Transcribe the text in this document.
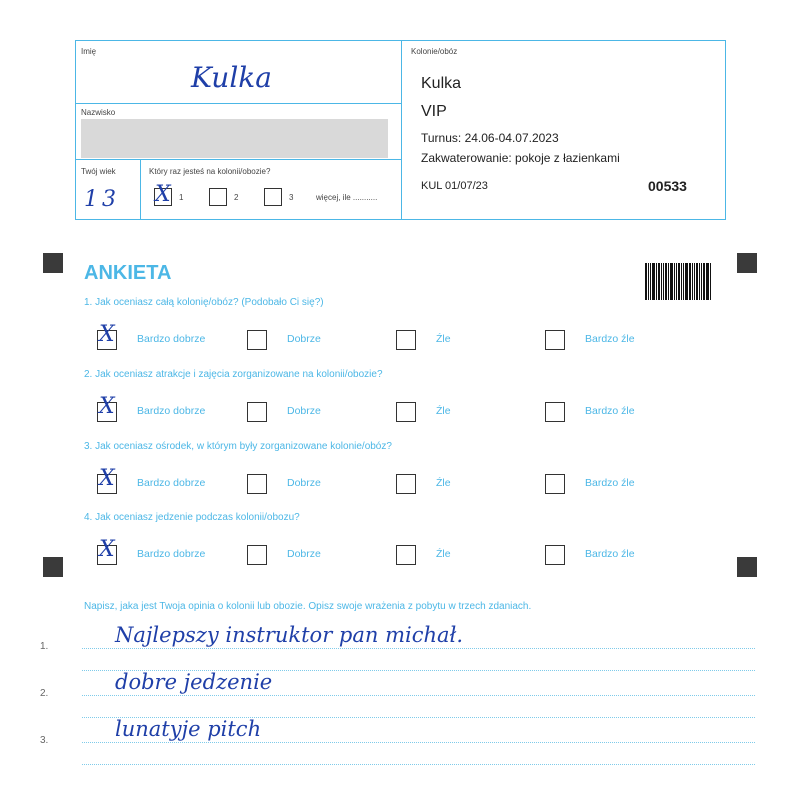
Imię
Kulka
Nazwisko
Twój wiek
13
Który raz jesteś na kolonii/obozie?
X 1	2	3	więcej, ile ...........
Kolonie/obóz
Kulka
VIP
Turnus: 24.06-04.07.2023
Zakwaterowanie: pokoje z łazienkami
KUL 01/07/23	00533
ANKIETA
1. Jak oceniasz całą kolonię/obóz? (Podobało Ci się?)
X Bardzo dobrze	Dobrze	Źle	Bardzo źle
2. Jak oceniasz atrakcje i zajęcia zorganizowane na kolonii/obozie?
X Bardzo dobrze	Dobrze	Źle	Bardzo źle
3. Jak oceniasz ośrodek, w którym były zorganizowane kolonie/obóz?
X Bardzo dobrze	Dobrze	Źle	Bardzo źle
4. Jak oceniasz jedzenie podczas kolonii/obozu?
X Bardzo dobrze	Dobrze	Źle	Bardzo źle
Napisz, jaka jest Twoja opinia o kolonii lub obozie. Opisz swoje wrażenia z pobytu w trzech zdaniach.
1.	Najlepszy instruktor pan michał.
2.	dobre jedzenie
3.	lunatyje pitch
